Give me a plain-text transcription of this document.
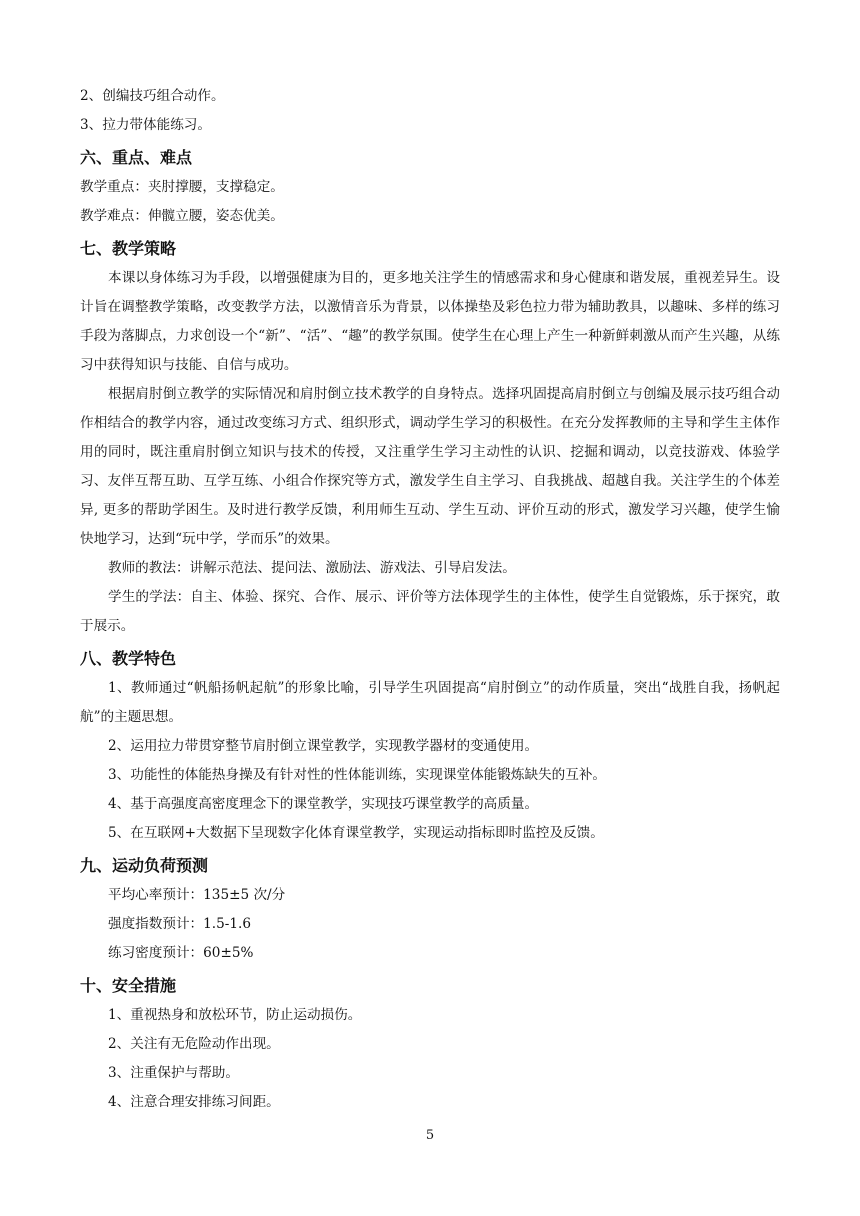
2、创编技巧组合动作。
3、拉力带体能练习。
六、重点、难点
教学重点：夹肘撑腰，支撑稳定。
教学难点：伸髋立腰，姿态优美。
七、教学策略

本课以身体练习为手段，以增强健康为目的，更多地关注学生的情感需求和身心健康和谐发展，重视差异生。设计旨在调整教学策略，改变教学方法，以激情音乐为背景，以体操垫及彩色拉力带为辅助教具，以趣味、多样的练习手段为落脚点，力求创设一个“新”、“活”、“趣”的教学氛围。使学生在心理上产生一种新鲜刺激从而产生兴趣，从练习中获得知识与技能、自信与成功。

根据肩肘倒立教学的实际情况和肩肘倒立技术教学的自身特点。选择巩固提高肩肘倒立与创编及展示技巧组合动作相结合的教学内容，通过改变练习方式、组织形式，调动学生学习的积极性。在充分发挥教师的主导和学生主体作用的同时，既注重肩肘倒立知识与技术的传授，又注重学生学习主动性的认识、挖掘和调动，以竞技游戏、体验学习、友伴互帮互助、互学互练、小组合作探究等方式，激发学生自主学习、自我挑战、超越自我。关注学生的个体差异, 更多的帮助学困生。及时进行教学反馈，利用师生互动、学生互动、评价互动的形式，激发学习兴趣，使学生愉快地学习，达到“玩中学，学而乐”的效果。

教师的教法：讲解示范法、提问法、激励法、游戏法、引导启发法。

学生的学法：自主、体验、探究、合作、展示、评价等方法体现学生的主体性，使学生自觉锻炼，乐于探究，敢于展示。

八、教学特色

1、教师通过“帆船扬帆起航”的形象比喻，引导学生巩固提高“肩肘倒立”的动作质量，突出“战胜自我，扬帆起航”的主题思想。

2、运用拉力带贯穿整节肩肘倒立课堂教学，实现教学器材的变通使用。

3、功能性的体能热身操及有针对性的性体能训练，实现课堂体能锻炼缺失的互补。

4、基于高强度高密度理念下的课堂教学，实现技巧课堂教学的高质量。

5、在互联网+大数据下呈现数字化体育课堂教学，实现运动指标即时监控及反馈。

九、运动负荷预测
平均心率预计：135±5 次/分
强度指数预计：1.5-1.6
练习密度预计：60±5%
十、安全措施
1、重视热身和放松环节，防止运动损伤。
2、关注有无危险动作出现。
3、注重保护与帮助。
4、注意合理安排练习间距。
5
